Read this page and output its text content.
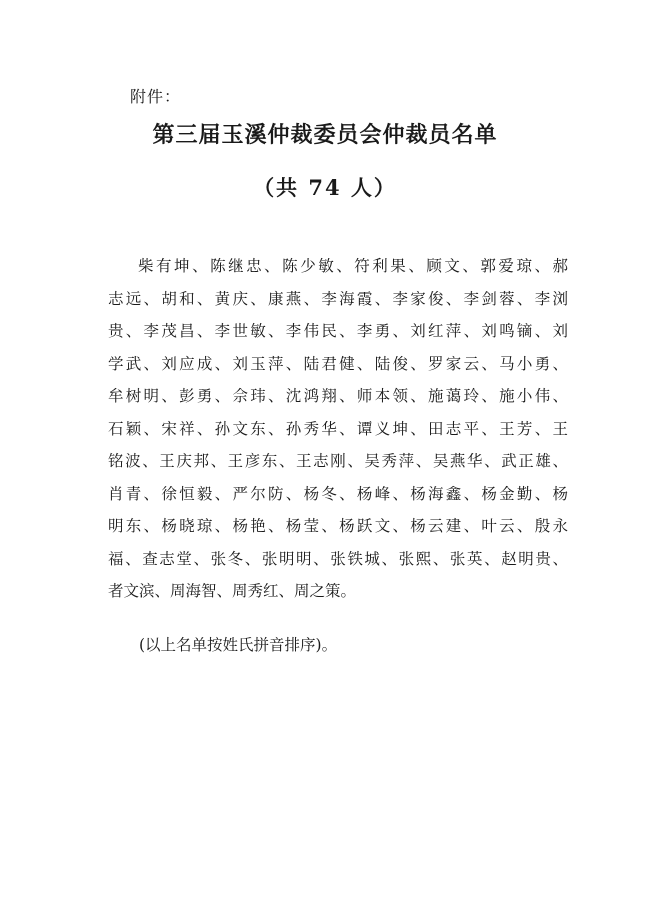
附件：
第三届玉溪仲裁委员会仲裁员名单
（共 74 人）
柴有坤、陈继忠、陈少敏、符利果、顾文、郭爱琼、郝
志远、胡和、黄庆、康燕、李海霞、李家俊、李剑蓉、李浏
贵、李茂昌、李世敏、李伟民、李勇、刘红萍、刘鸣镝、刘
学武、刘应成、刘玉萍、陆君健、陆俊、罗家云、马小勇、
牟树明、彭勇、佘玮、沈鸿翔、师本领、施蔼玲、施小伟、
石颖、宋祥、孙文东、孙秀华、谭义坤、田志平、王芳、王
铭波、王庆邦、王彦东、王志刚、吴秀萍、吴燕华、武正雄、
肖青、徐恒毅、严尔防、杨冬、杨峰、杨海鑫、杨金勤、杨
明东、杨晓琼、杨艳、杨莹、杨跃文、杨云建、叶云、殷永
福、查志堂、张冬、张明明、张铁城、张熙、张英、赵明贵、
者文滨、周海智、周秀红、周之策。
(以上名单按姓氏拼音排序)。
